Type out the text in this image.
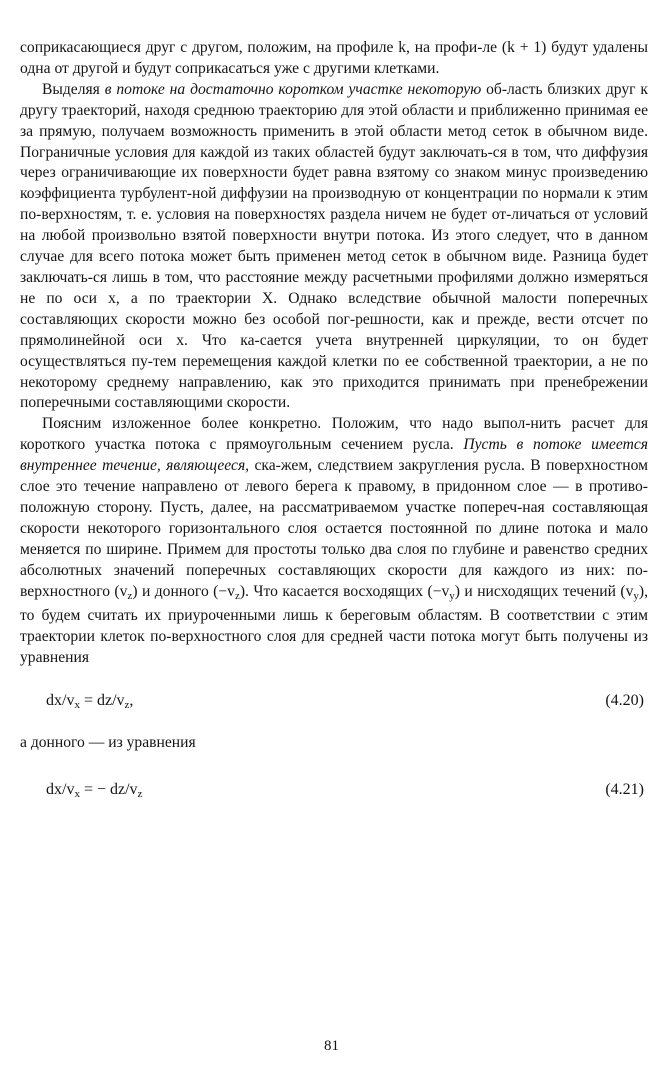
соприкасающиеся друг с другом, положим, на профиле k, на профи-ле (k + 1) будут удалены одна от другой и будут соприкасаться уже с другими клетками.

Выделяя в потоке на достаточно коротком участке некоторую об-ласть близких друг к другу траекторий, находя среднюю траекторию для этой области и приближенно принимая ее за прямую, получаем возможность применить в этой области метод сеток в обычном виде. Пограничные условия для каждой из таких областей будут заключать-ся в том, что диффузия через ограничивающие их поверхности будет равна взятому со знаком минус произведению коэффициента турбулент-ной диффузии на производную от концентрации по нормали к этим по-верхностям, т. е. условия на поверхностях раздела ничем не будет от-личаться от условий на любой произвольно взятой поверхности внутри потока. Из этого следует, что в данном случае для всего потока может быть применен метод сеток в обычном виде. Разница будет заключать-ся лишь в том, что расстояние между расчетными профилями должно измеряться не по оси x, а по траектории X. Однако вследствие обычной малости поперечных составляющих скорости можно без особой пог-решности, как и прежде, вести отсчет по прямолинейной оси x. Что ка-сается учета внутренней циркуляции, то он будет осуществляться пу-тем перемещения каждой клетки по ее собственной траектории, а не по некоторому среднему направлению, как это приходится принимать при пренебрежении поперечными составляющими скорости.

Поясним изложенное более конкретно. Положим, что надо выпол-нить расчет для короткого участка потока с прямоугольным сечением русла. Пусть в потоке имеется внутреннее течение, являющееся, ска-жем, следствием закругления русла. В поверхностном слое это течение направлено от левого берега к правому, в придонном слое — в противо-положную сторону. Пусть, далее, на рассматриваемом участке попереч-ная составляющая скорости некоторого горизонтального слоя остается постоянной по длине потока и мало меняется по ширине. Примем для простоты только два слоя по глубине и равенство средних абсолютных значений поперечных составляющих скорости для каждого из них: по-верхностного $(v_z)$ и донного $(-v_z)$. Что касается восходящих $(-v_y)$ и нисходящих течений $(v_y)$, то будем считать их приуроченными лишь к береговым областям. В соответствии с этим траектории клеток по-верхностного слоя для средней части потока могут быть получены из уравнения

$dx/v_x = dz/v_z$,	(4.20)

а донного — из уравнения

$dx/v_x$ = − $dz/v_z$	(4.21)
81
